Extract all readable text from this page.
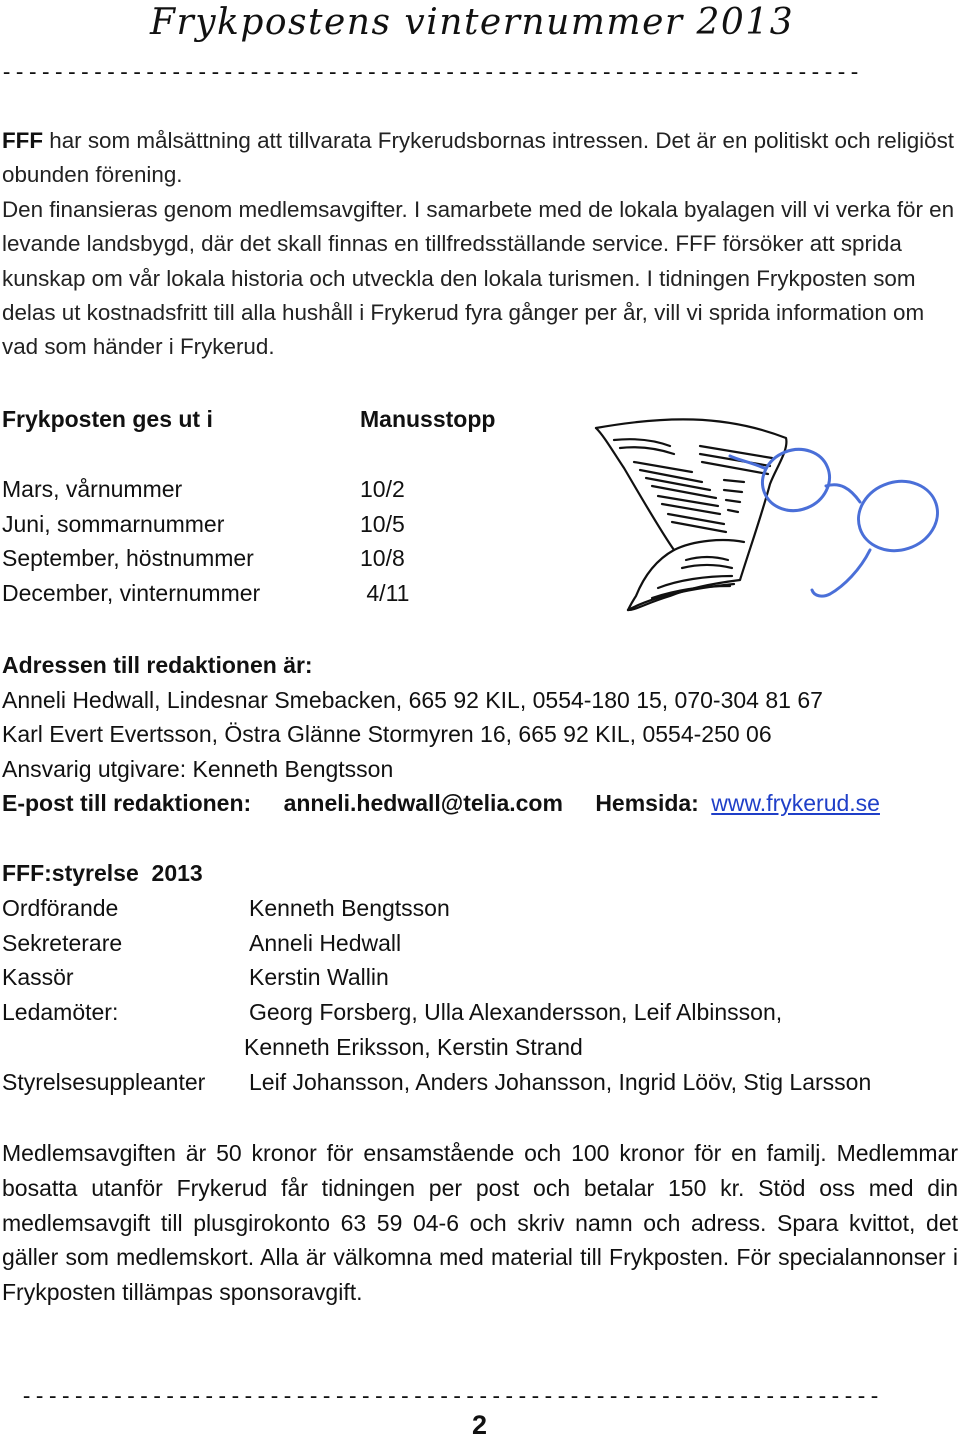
Frykpostens vinternummer 2013
------------------------------------------------------------------

FFF har som målsättning att tillvarata Frykerudsbornas intressen. Det är en politiskt och religiöst obunden förening.

Den finansieras genom medlemsavgifter. I samarbete med de lokala byalagen vill vi verka för en levande landsbygd, där det skall finnas en tillfredsställande service. FFF försöker att sprida kunskap om vår lokala historia och utveckla den lokala turismen. I tidningen Frykposten som delas ut kostnadsfritt till alla hushåll i Frykerud fyra gånger per år, vill vi sprida information om vad som händer i Frykerud.

Frykposten ges ut i	Manusstopp
Mars, vårnummer	10/2
Juni, sommarnummer	10/5
September, höstnummer	10/8
December, vinternummer	4/11
Adressen till redaktionen är:
Anneli Hedwall, Lindesnar Smebacken, 665 92 KIL, 0554-180 15, 070-304 81 67
Karl Evert Evertsson, Östra Glänne Stormyren 16, 665 92 KIL, 0554-250 06
Ansvarig utgivare: Kenneth Bengtsson
E-post till redaktionen: anneli.hedwall@telia.com Hemsida: www.frykerud.se
FFF:styrelse  2013
Ordförande	Kenneth Bengtsson
Sekreterare	Anneli Hedwall
Kassör	Kerstin Wallin
Ledamöter:	Georg Forsberg, Ulla Alexandersson, Leif Albinsson,
Kenneth Eriksson, Kerstin Strand
Styrelsesuppleanter Leif Johansson, Anders Johansson, Ingrid Lööv, Stig Larsson

Medlemsavgiften är 50 kronor för ensamstående och 100 kronor för en familj. Medlemmar bosatta utanför Frykerud får tidningen per post och betalar 150 kr. Stöd oss med din medlemsavgift till plusgirokonto 63 59 04-6 och skriv namn och adress. Spara kvittot, det gäller som medlemskort. Alla är välkomna med material till Frykposten. För specialannonser i Frykposten tillämpas sponsoravgift.

------------------------------------------------------------------
2
